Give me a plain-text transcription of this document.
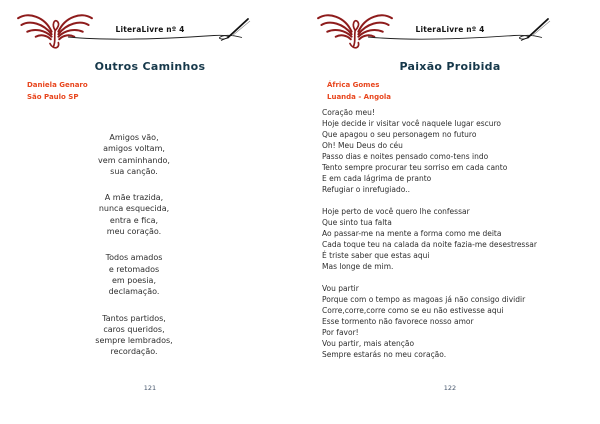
LiteraLivre nº 4
Outros Caminhos
Daniela Genaro
São Paulo SP
Amigos vão,
amigos voltam,
vem caminhando,
sua canção.
A mãe trazida,
nunca esquecida,
entra e fica,
meu coração.
Todos amados
e retomados
em poesia,
declamação.
Tantos partidos,
caros queridos,
sempre lembrados,
recordação.
121
LiteraLivre nº 4
Paixão Proibida
África Gomes
Luanda - Angola
Coração meu!
Hoje decide ir visitar você naquele lugar escuro
Que apagou o seu personagem no futuro
Oh! Meu Deus do céu
Passo dias e noites pensado como-tens indo
Tento sempre procurar teu sorriso em cada canto
E em cada lágrima de pranto
Refugiar o inrefugiado..
Hoje perto de você quero lhe confessar
Que sinto tua falta
Ao passar-me na mente a forma como me deita
Cada toque teu na calada da noite fazia-me desestressar
É triste saber que estas aqui
Mas longe de mim.
Vou partir
Porque com o tempo as magoas já não consigo dividir
Corre,corre,corre como se eu não estivesse aqui
Esse tormento não favorece nosso amor
Por favor!
Vou partir, mais atenção
Sempre estarás no meu coração.
122
